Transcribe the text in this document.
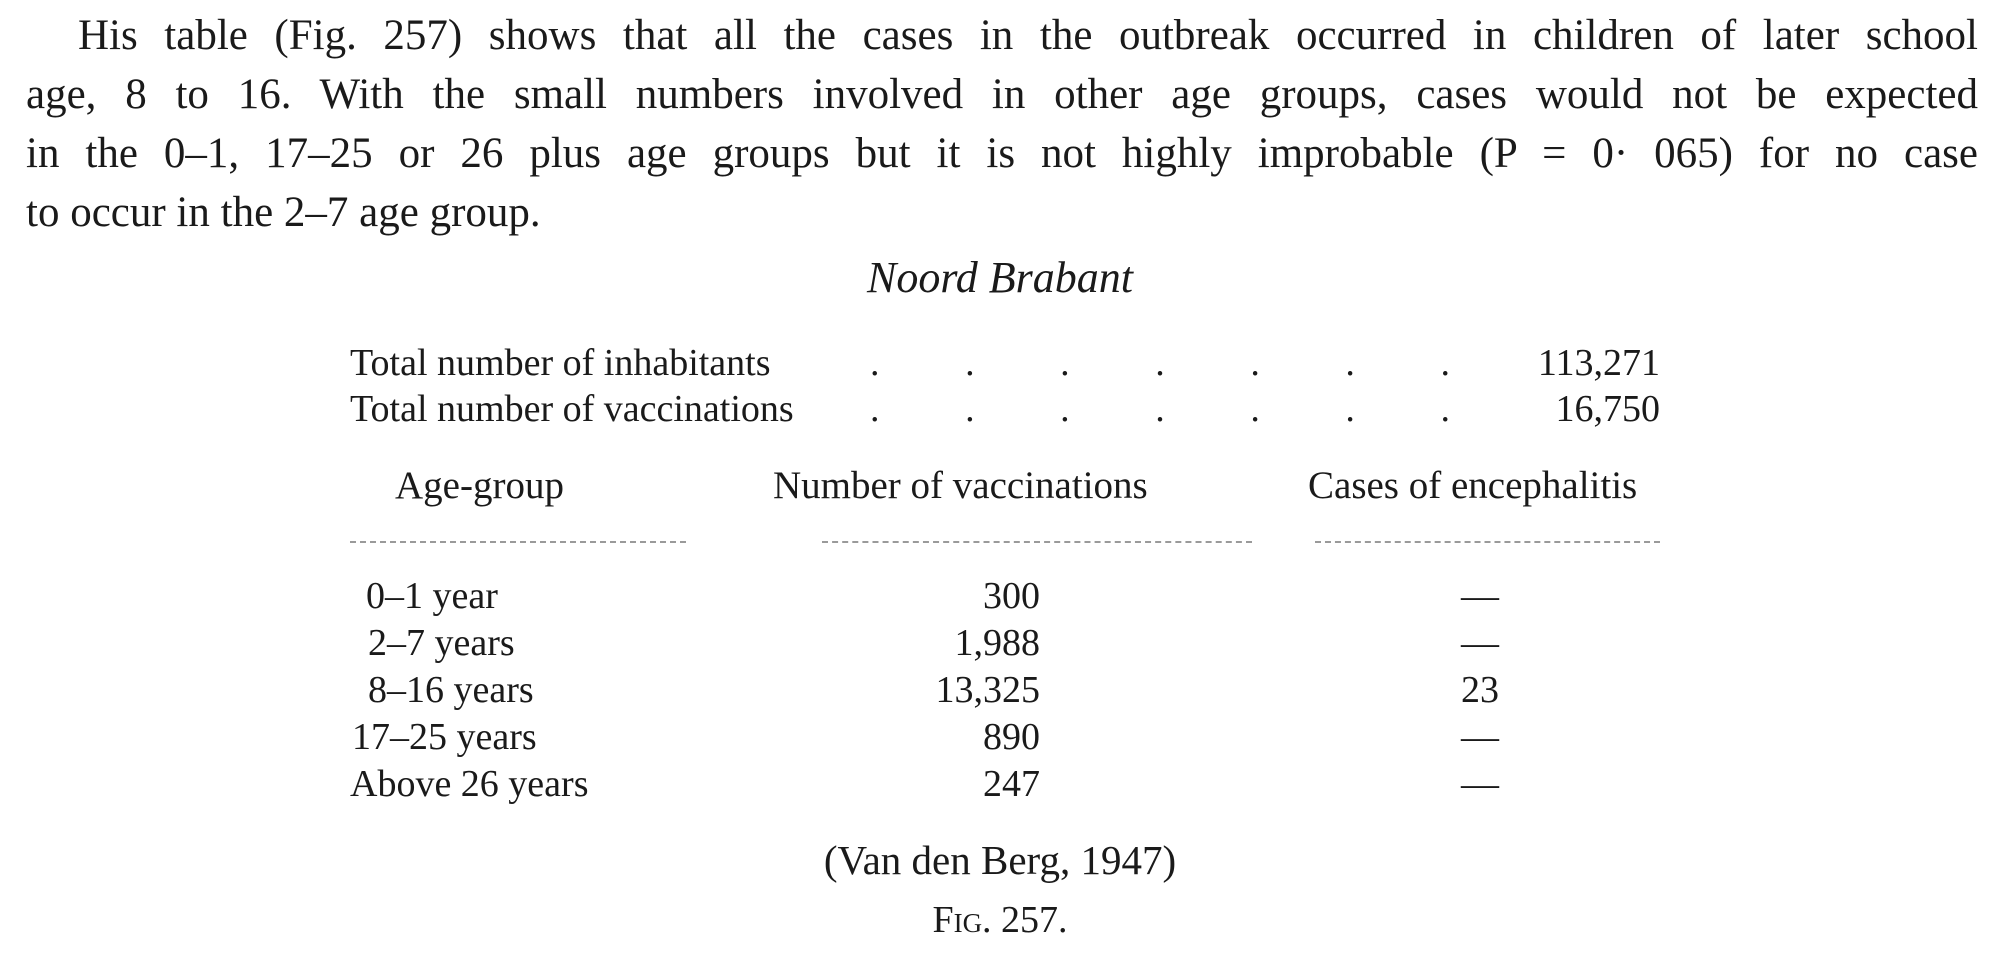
His table (Fig. 257) shows that all the cases in the outbreak occurred in children of later school
age, 8 to 16. With the small numbers involved in other age groups, cases would not be expected
in the 0–1, 17–25 or 26 plus age groups but it is not highly improbable (P = 0· 065) for no case
to occur in the 2–7 age group.
Noord Brabant
Total number of inhabitants	. . . . . . . 113,271
Total number of vaccinations . . . . . . .	16,750
Age-group	Number of vaccinations	Cases of encephalitis
0–1 year	300	—
2–7 years	1,988	—
8–16 years	13,325	23
17–25 years	890	—
Above 26 years	247	—
(Van den Berg, 1947)
Fig. 257.
